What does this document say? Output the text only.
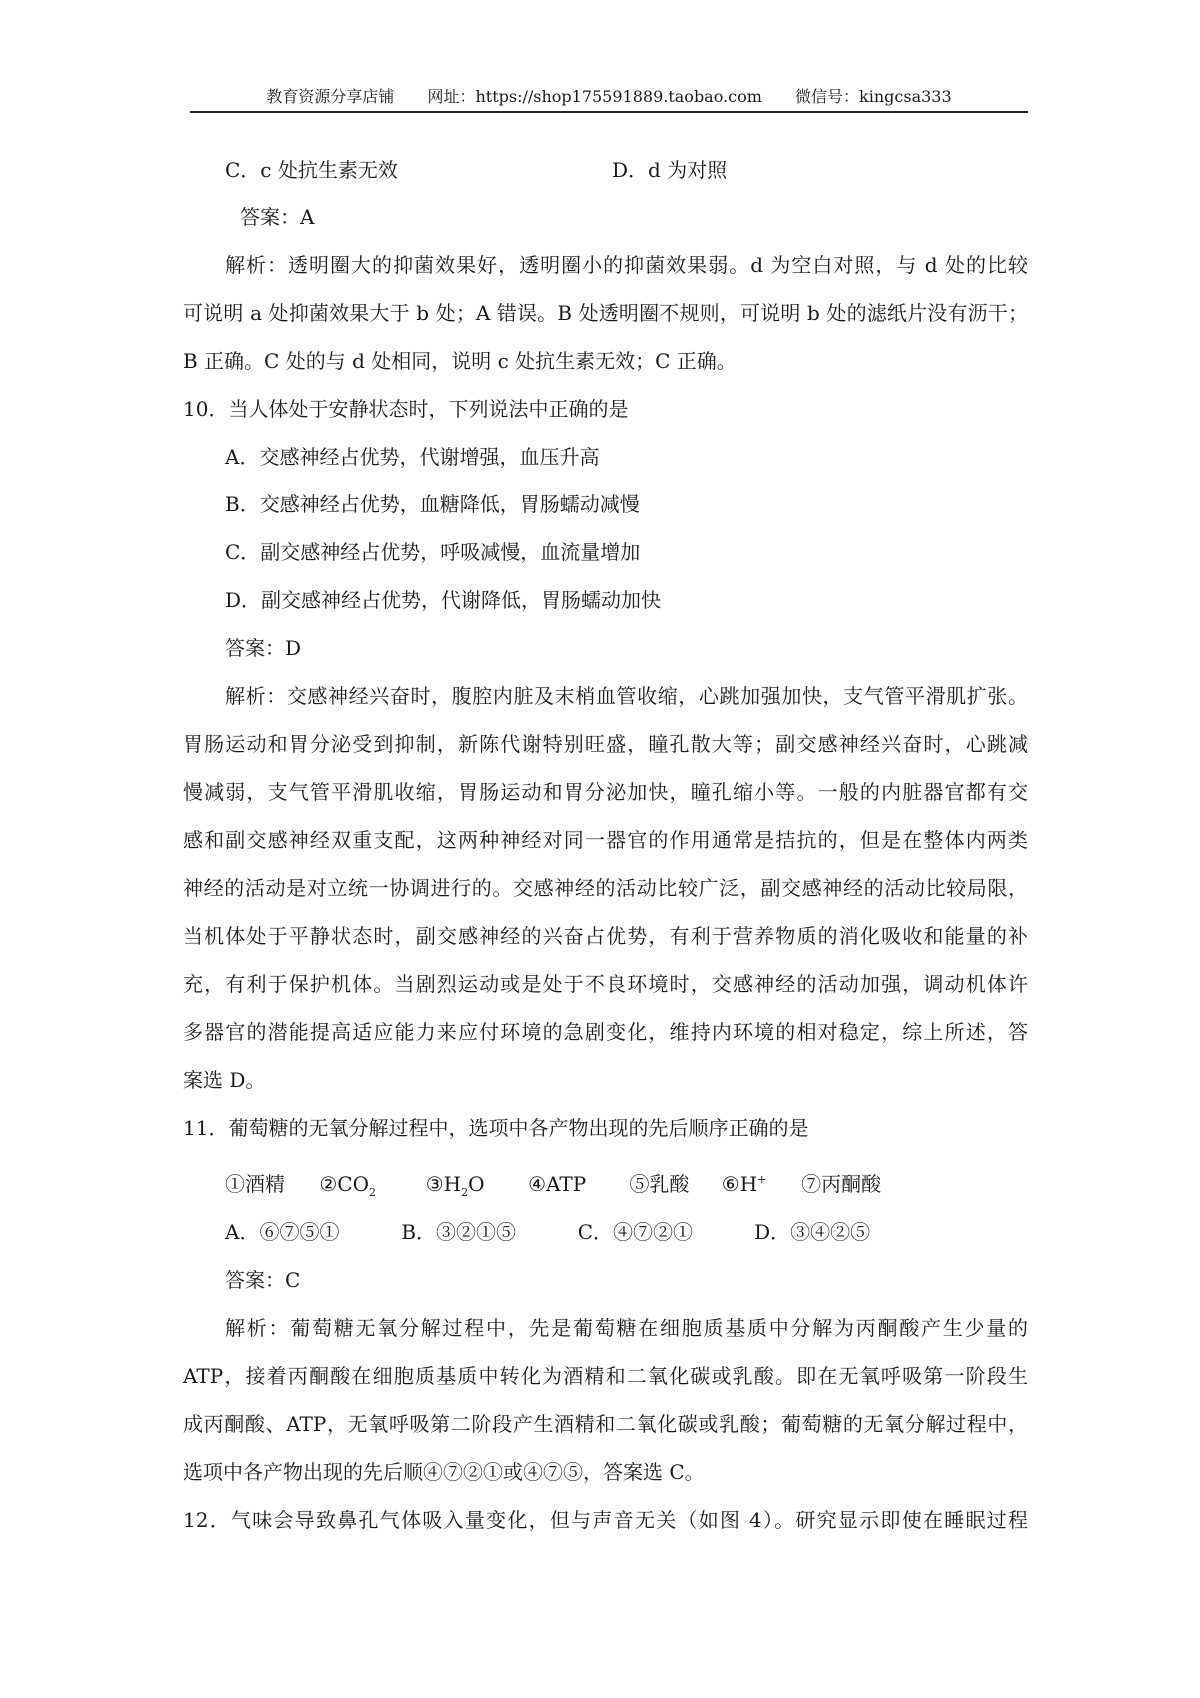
教育资源分享店铺 网址：https://shop175591889.taobao.com 微信号：kingcsa333
C．c 处抗生素无效	D．d 为对照
答案：A
解析：透明圈大的抑菌效果好，透明圈小的抑菌效果弱。d 为空白对照，与 d 处的比较
可说明 a 处抑菌效果大于 b 处；A 错误。B 处透明圈不规则，可说明 b 处的滤纸片没有沥干；
B 正确。C 处的与 d 处相同，说明 c 处抗生素无效；C 正确。
10．当人体处于安静状态时，下列说法中正确的是
A．交感神经占优势，代谢增强，血压升高
B．交感神经占优势，血糖降低，胃肠蠕动减慢
C．副交感神经占优势，呼吸减慢，血流量增加
D．副交感神经占优势，代谢降低，胃肠蠕动加快
答案：D
解析：交感神经兴奋时，腹腔内脏及末梢血管收缩，心跳加强加快，支气管平滑肌扩张。
胃肠运动和胃分泌受到抑制，新陈代谢特别旺盛，瞳孔散大等；副交感神经兴奋时，心跳减
慢减弱，支气管平滑肌收缩，胃肠运动和胃分泌加快，瞳孔缩小等。一般的内脏器官都有交
感和副交感神经双重支配，这两种神经对同一器官的作用通常是拮抗的，但是在整体内两类
神经的活动是对立统一协调进行的。交感神经的活动比较广泛，副交感神经的活动比较局限，
当机体处于平静状态时，副交感神经的兴奋占优势，有利于营养物质的消化吸收和能量的补
充，有利于保护机体。当剧烈运动或是处于不良环境时，交感神经的活动加强，调动机体许
多器官的潜能提高适应能力来应付环境的急剧变化，维持内环境的相对稳定，综上所述，答
案选 D。
11．葡萄糖的无氧分解过程中，选项中各产物出现的先后顺序正确的是
①酒精 $②CO_2$ $③H_2O$ ④ATP ⑤乳酸 ⑥H+ ⑦丙酮酸
A．⑥⑦⑤①	B．③②①⑤	C．④⑦②①	D．③④②⑤
答案：C
解析：葡萄糖无氧分解过程中，先是葡萄糖在细胞质基质中分解为丙酮酸产生少量的
ATP，接着丙酮酸在细胞质基质中转化为酒精和二氧化碳或乳酸。即在无氧呼吸第一阶段生
成丙酮酸、ATP，无氧呼吸第二阶段产生酒精和二氧化碳或乳酸；葡萄糖的无氧分解过程中，
选项中各产物出现的先后顺④⑦②①或④⑦⑤，答案选 C。
12．气味会导致鼻孔气体吸入量变化，但与声音无关（如图 4）。研究显示即使在睡眠过程
